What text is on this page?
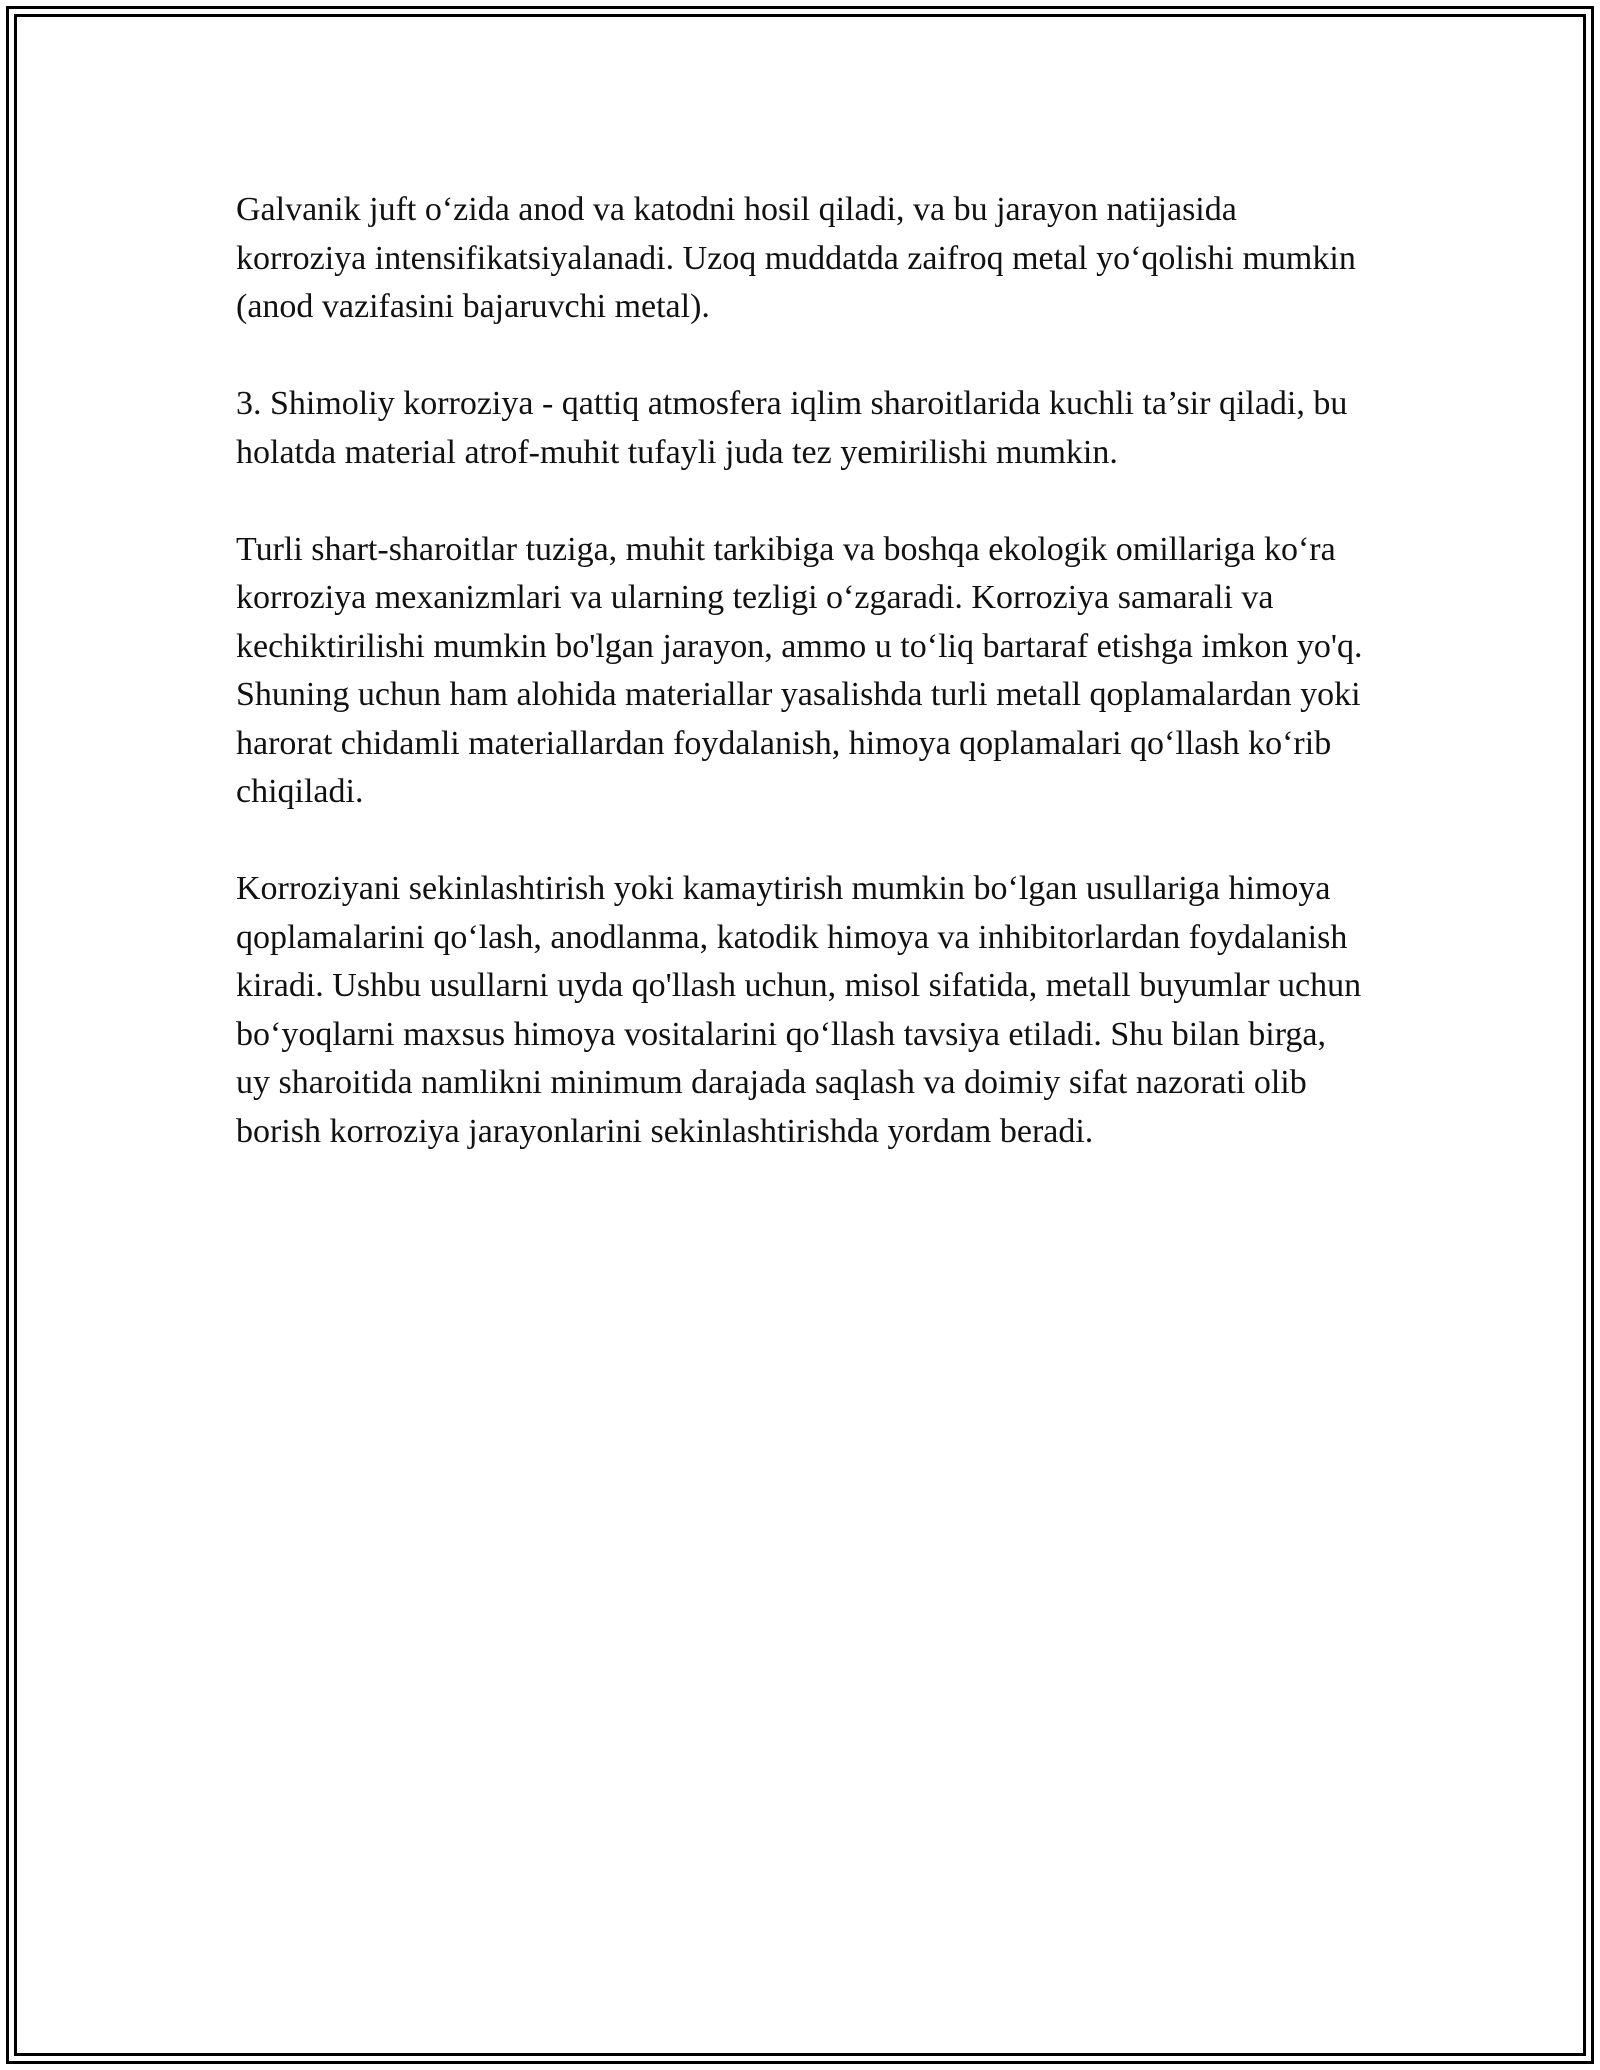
Galvanik juft o‘zida anod va katodni hosil qiladi, va bu jarayon natijasida korroziya intensifikatsiyalanadi. Uzoq muddatda zaifroq metal yo‘qolishi mumkin (anod vazifasini bajaruvchi metal).

3. Shimoliy korroziya - qattiq atmosfera iqlim sharoitlarida kuchli ta’sir qiladi, bu holatda material atrof-muhit tufayli juda tez yemirilishi mumkin.

Turli shart-sharoitlar tuziga, muhit tarkibiga va boshqa ekologik omillariga ko‘ra korroziya mexanizmlari va ularning tezligi o‘zgaradi. Korroziya samarali va kechiktirilishi mumkin bo'lgan jarayon, ammo u to‘liq bartaraf etishga imkon yo'q. Shuning uchun ham alohida materiallar yasalishda turli metall qoplamalardan yoki harorat chidamli materiallardan foydalanish, himoya qoplamalari qo‘llash ko‘rib chiqiladi.

Korroziyani sekinlashtirish yoki kamaytirish mumkin bo‘lgan usullariga himoya qoplamalarini qo‘lash, anodlanma, katodik himoya va inhibitorlardan foydalanish kiradi. Ushbu usullarni uyda qo'llash uchun, misol sifatida, metall buyumlar uchun bo‘yoqlarni maxsus himoya vositalarini qo‘llash tavsiya etiladi. Shu bilan birga, uy sharoitida namlikni minimum darajada saqlash va doimiy sifat nazorati olib borish korroziya jarayonlarini sekinlashtirishda yordam beradi.
